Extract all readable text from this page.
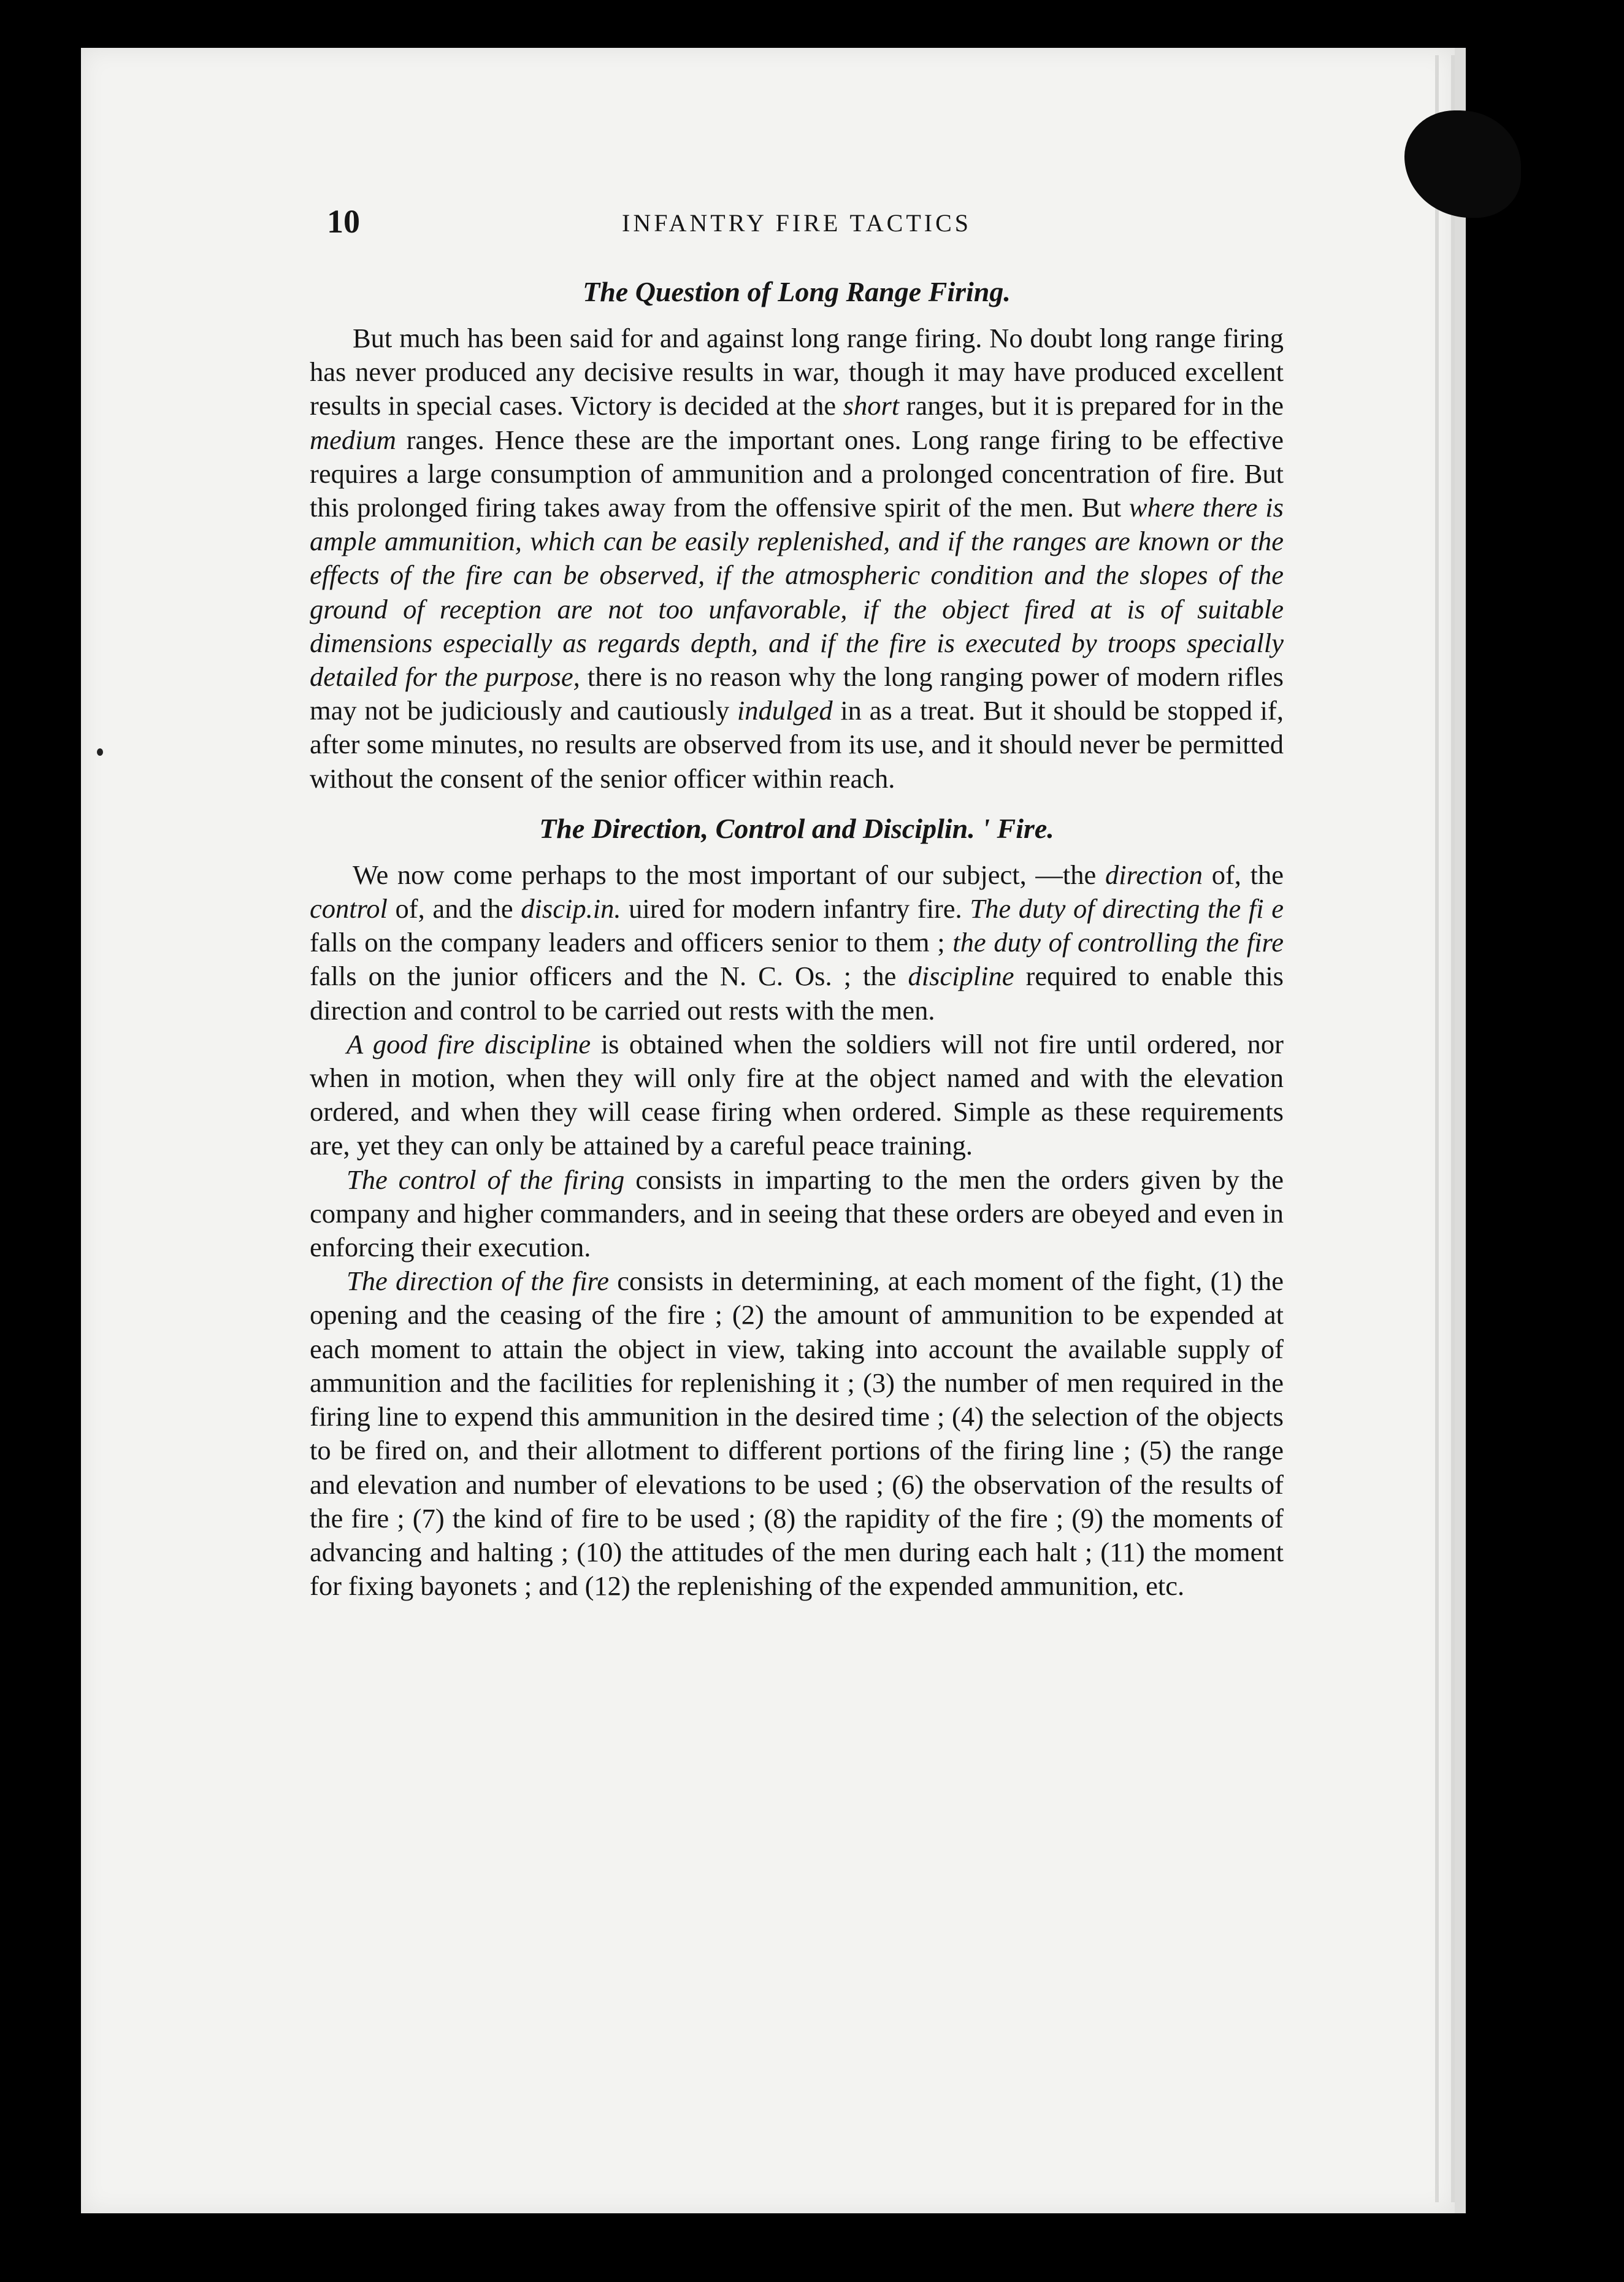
10	INFANTRY FIRE TACTICS
The Question of Long Range Firing.

But much has been said for and against long range firing. No doubt long range firing has never produced any decisive results in war, though it may have produced excellent results in special cases. Victory is decided at the short ranges, but it is prepared for in the medium ranges. Hence these are the important ones. Long range firing to be effective requires a large consumption of ammunition and a prolonged concentration of fire. But this prolonged firing takes away from the offensive spirit of the men. But where there is ample ammunition, which can be easily replenished, and if the ranges are known or the effects of the fire can be observed, if the atmospheric condition and the slopes of the ground of reception are not too unfavorable, if the object fired at is of suitable dimensions especially as regards depth, and if the fire is executed by troops specially detailed for the purpose, there is no reason why the long ranging power of modern rifles may not be judiciously and cautiously indulged in as a treat. But it should be stopped if, after some minutes, no results are observed from its use, and it should never be permitted without the consent of the senior officer within reach.

The Direction, Control and Disciplin. ' Fire.

We now come perhaps to the most important of our subject, —the direction of, the control of, and the discip.in. uired for modern infantry fire. The duty of directing the fi e falls on the company leaders and officers senior to them ; the duty of controlling the fire falls on the junior officers and the N. C. Os. ; the discipline required to enable this direction and control to be carried out rests with the men.

A good fire discipline is obtained when the soldiers will not fire until ordered, nor when in motion, when they will only fire at the object named and with the elevation ordered, and when they will cease firing when ordered. Simple as these requirements are, yet they can only be attained by a careful peace training.

The control of the firing consists in imparting to the men the orders given by the company and higher commanders, and in seeing that these orders are obeyed and even in enforcing their execution.

The direction of the fire consists in determining, at each moment of the fight, (1) the opening and the ceasing of the fire ; (2) the amount of ammunition to be expended at each moment to attain the object in view, taking into account the available supply of ammunition and the facilities for replenishing it ; (3) the number of men required in the firing line to expend this ammunition in the desired time ; (4) the selection of the objects to be fired on, and their allotment to different portions of the firing line ; (5) the range and elevation and number of elevations to be used ; (6) the observation of the results of the fire ; (7) the kind of fire to be used ; (8) the rapidity of the fire ; (9) the moments of advancing and halting ; (10) the attitudes of the men during each halt ; (11) the moment for fixing bayonets ; and (12) the replenishing of the expended ammunition, etc.
